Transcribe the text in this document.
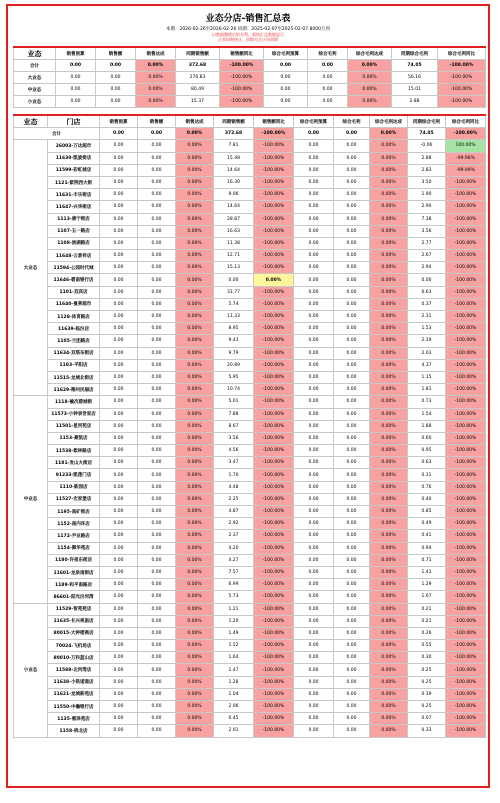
业态分店-销售汇总表
本期：2026-02-26至2026-02-26 同期：2025-02-07至2025-02-07 8000万到
以数据整理后的毛利，需按汇总数据显示
正常同期统计，同期为合计同同期
业态	销售预算	销售额	销售达成	同期销售额	销售额同比	综合毛利预算	综合毛利	综合毛利达成	同期综合毛利	综合毛利同比
合计	0.00	0.00	0.00%	372.68	-100.00%	0.00	0.00	0.00%	74.05	-100.00%
大业态	0.00	0.00	0.00%	276.83	-100.00%	0.00	0.00	0.00%	56.16	-100.00%
中业态	0.00	0.00	0.00%	80.49	-100.00%	0.00	0.00	0.00%	15.01	-100.00%
小业态	0.00	0.00	0.00%	15.37	-100.00%	0.00	0.00	0.00%	2.88	-100.00%
业态	门店	销售预算	销售额	销售达成	同期销售额	销售额同比	综合毛利预算	综合毛利	综合毛利达成	同期综合毛利	综合毛利同比
合计		0.00	0.00	0.00%	372.68	-100.00%	0.00	0.00	0.00%	74.05	-100.00%
大业态	26003-万达超市	0.00	0.00	0.00%	7.81	-100.00%	0.00	0.00	0.00%	-0.06	100.00%
	11630-凯旋街店	0.00	0.00	0.00%	15.48	-100.00%	0.00	0.00	0.00%	2.88	-99.98%
	11599-彩虹城店	0.00	0.00	0.00%	14.64	-100.00%	0.00	0.00	0.00%	2.83	-99.99%
	1121-紫荆西大街	0.00	0.00	0.00%	16.30	-100.00%	0.00	0.00	0.00%	3.50	-100.00%
	11631-丰乐街店	0.00	0.00	0.00%	9.06	-100.00%	0.00	0.00	0.00%	1.90	-100.00%
	11647-兴华街店	0.00	0.00	0.00%	14.64	-100.00%	0.00	0.00	0.00%	2.90	-100.00%
	1113-康宁街店	0.00	0.00	0.00%	28.87	-100.00%	0.00	0.00	0.00%	7.38	-100.00%
	1107-五一路店	0.00	0.00	0.00%	16.63	-100.00%	0.00	0.00	0.00%	3.56	-100.00%
	1108-滨湖路店	0.00	0.00	0.00%	11.38	-100.00%	0.00	0.00	0.00%	2.77	-100.00%
	11648-云景祥店	0.00	0.00	0.00%	12.71	-100.00%	0.00	0.00	0.00%	2.67	-100.00%
	11594-公园时代城	0.00	0.00	0.00%	15.13	-100.00%	0.00	0.00	0.00%	2.94	-100.00%
	11646-碧南银行店	0.00	0.00	0.00%	0.00	0.00%	0.00	0.00	0.00%	0.00	-100.00%
	1101-双宾店	0.00	0.00	0.00%	31.77	-100.00%	0.00	0.00	0.00%	6.63	-100.00%
	11640-曼莱超市	0.00	0.00	0.00%	5.74	-100.00%	0.00	0.00	0.00%	0.37	-100.00%
	1128-体育路店	0.00	0.00	0.00%	11.33	-100.00%	0.00	0.00	0.00%	2.31	-100.00%
	11639-临汾店	0.00	0.00	0.00%	8.95	-100.00%	0.00	0.00	0.00%	1.53	-100.00%
	1105-兰团路店	0.00	0.00	0.00%	9.43	-100.00%	0.00	0.00	0.00%	2.19	-100.00%
	11634-双塔东街店	0.00	0.00	0.00%	9.79	-100.00%	0.00	0.00	0.00%	2.03	-100.00%
	1103-平阳店	0.00	0.00	0.00%	20.89	-100.00%	0.00	0.00	0.00%	4.37	-100.00%
	11515-龙城北街店	0.00	0.00	0.00%	5.95	-100.00%	0.00	0.00	0.00%	1.15	-100.00%
	11629-稀州民福店	0.00	0.00	0.00%	10.74	-100.00%	0.00	0.00	0.00%	1.81	-100.00%
中业态	1118-榆次碧城街	0.00	0.00	0.00%	5.01	-100.00%	0.00	0.00	0.00%	0.73	-100.00%
	11573-小钟表世家店	0.00	0.00	0.00%	7.88	-100.00%	0.00	0.00	0.00%	1.54	-100.00%
	11501-星河苑店	0.00	0.00	0.00%	8.67	-100.00%	0.00	0.00	0.00%	1.88	-100.00%
	1153-豪凯店	0.00	0.00	0.00%	3.56	-100.00%	0.00	0.00	0.00%	0.60	-100.00%
	11538-紫林路店	0.00	0.00	0.00%	4.56	-100.00%	0.00	0.00	0.00%	0.95	-100.00%
	1181-发山大街店	0.00	0.00	0.00%	3.47	-100.00%	0.00	0.00	0.00%	0.63	-100.00%
	91233-凯莲门店	0.00	0.00	0.00%	1.70	-100.00%	0.00	0.00	0.00%	0.31	-100.00%
	1110-新园店	0.00	0.00	0.00%	4.48	-100.00%	0.00	0.00	0.00%	0.76	-100.00%
	11527-宏家堡店	0.00	0.00	0.00%	2.25	-100.00%	0.00	0.00	0.00%	0.40	-100.00%
	1195-南矿街店	0.00	0.00	0.00%	4.87	-100.00%	0.00	0.00	0.00%	0.85	-100.00%
	1152-南内环店	0.00	0.00	0.00%	2.92	-100.00%	0.00	0.00	0.00%	0.49	-100.00%
	1172-尹业路店	0.00	0.00	0.00%	2.37	-100.00%	0.00	0.00	0.00%	0.41	-100.00%
	1154-御华苑店	0.00	0.00	0.00%	4.20	-100.00%	0.00	0.00	0.00%	0.94	-100.00%
	1180-许祖东街店	0.00	0.00	0.00%	4.27	-100.00%	0.00	0.00	0.00%	0.71	-100.00%
	11601-龙泉南街店	0.00	0.00	0.00%	7.57	-100.00%	0.00	0.00	0.00%	1.43	-100.00%
	1189-和平南路店	0.00	0.00	0.00%	6.99	-100.00%	0.00	0.00	0.00%	1.29	-100.00%
	86601-阳光汾河湾	0.00	0.00	0.00%	5.73	-100.00%	0.00	0.00	0.00%	1.07	-100.00%
小业态	11529-智苑苑店	0.00	0.00	0.00%	1.21	-100.00%	0.00	0.00	0.00%	0.21	-100.00%
	11635-长兴视南店	0.00	0.00	0.00%	1.20	-100.00%	0.00	0.00	0.00%	0.21	-100.00%
	80015-大钟楼商店	0.00	0.00	0.00%	1.49	-100.00%	0.00	0.00	0.00%	0.26	-100.00%
	70024-飞机场店	0.00	0.00	0.00%	1.52	-100.00%	0.00	0.00	0.00%	0.55	-100.00%
	80010-万科蓝山店	0.00	0.00	0.00%	1.64	-100.00%	0.00	0.00	0.00%	0.30	-100.00%
	11588-北河湾店	0.00	0.00	0.00%	1.47	-100.00%	0.00	0.00	0.00%	0.25	-100.00%
	11638-小铁诺道店	0.00	0.00	0.00%	1.28	-100.00%	0.00	0.00	0.00%	0.25	-100.00%
	11621-龙城新苑店	0.00	0.00	0.00%	1.04	-100.00%	0.00	0.00	0.00%	0.19	-100.00%
	11550-中瀚银行店	0.00	0.00	0.00%	2.06	-100.00%	0.00	0.00	0.00%	0.25	-100.00%
	1135-惠泽苑店	0.00	0.00	0.00%	0.45	-100.00%	0.00	0.00	0.00%	0.07	-100.00%
	1158-桃北店	0.00	0.00	0.00%	2.01	-100.00%	0.00	0.00	0.00%	0.33	-100.00%
